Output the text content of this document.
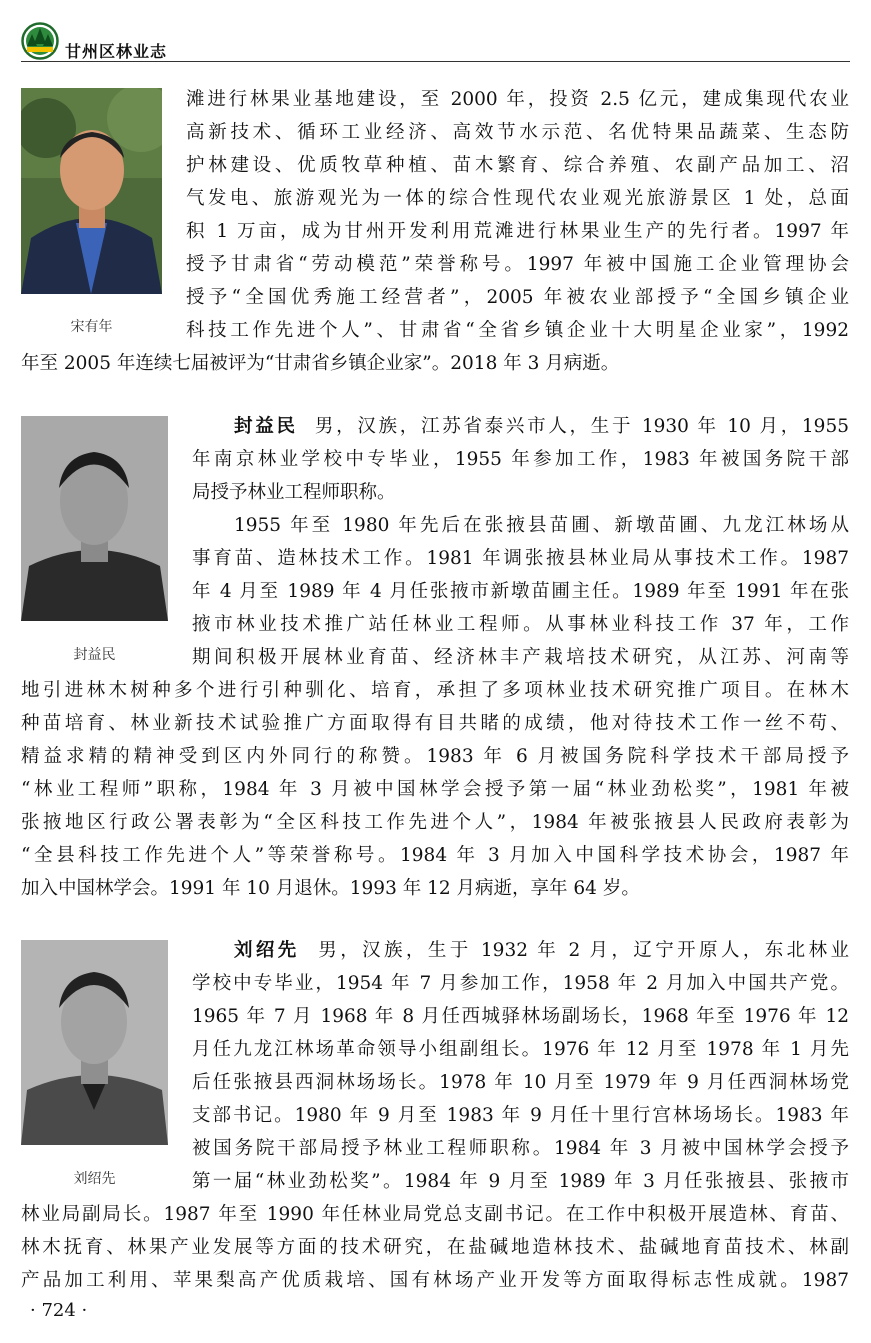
甘州区林业志
宋有年
滩进行林果业基地建设，至 2000 年，投资 2.5 亿元，建成集现代农业
高新技术、循环工业经济、高效节水示范、名优特果品蔬菜、生态防
护林建设、优质牧草种植、苗木繁育、综合养殖、农副产品加工、沼
气发电、旅游观光为一体的综合性现代农业观光旅游景区 1 处，总面
积 1 万亩，成为甘州开发利用荒滩进行林果业生产的先行者。1997 年
授予甘肃省“劳动模范”荣誉称号。1997 年被中国施工企业管理协会
授予“全国优秀施工经营者”，2005 年被农业部授予“全国乡镇企业
科技工作先进个人”、甘肃省“全省乡镇企业十大明星企业家”，1992
年至 2005 年连续七届被评为“甘肃省乡镇企业家”。2018 年 3 月病逝。
封益民
封益民 男，汉族，江苏省泰兴市人，生于 1930 年 10 月，1955
年南京林业学校中专毕业，1955 年参加工作，1983 年被国务院干部
局授予林业工程师职称。
1955 年至 1980 年先后在张掖县苗圃、新墩苗圃、九龙江林场从
事育苗、造林技术工作。1981 年调张掖县林业局从事技术工作。1987
年 4 月至 1989 年 4 月任张掖市新墩苗圃主任。1989 年至 1991 年在张
掖市林业技术推广站任林业工程师。从事林业科技工作 37 年，工作
期间积极开展林业育苗、经济林丰产栽培技术研究，从江苏、河南等
地引进林木树种多个进行引种驯化、培育，承担了多项林业技术研究推广项目。在林木
种苗培育、林业新技术试验推广方面取得有目共睹的成绩，他对待技术工作一丝不苟、
精益求精的精神受到区内外同行的称赞。1983 年 6 月被国务院科学技术干部局授予
“林业工程师”职称，1984 年 3 月被中国林学会授予第一届“林业劲松奖”，1981 年被
张掖地区行政公署表彰为“全区科技工作先进个人”，1984 年被张掖县人民政府表彰为
“全县科技工作先进个人”等荣誉称号。1984 年 3 月加入中国科学技术协会，1987 年
加入中国林学会。1991 年 10 月退休。1993 年 12 月病逝，享年 64 岁。
刘绍先
刘绍先 男，汉族，生于 1932 年 2 月，辽宁开原人，东北林业
学校中专毕业，1954 年 7 月参加工作，1958 年 2 月加入中国共产党。
1965 年 7 月 1968 年 8 月任西城驿林场副场长，1968 年至 1976 年 12
月任九龙江林场革命领导小组副组长。1976 年 12 月至 1978 年 1 月先
后任张掖县西洞林场场长。1978 年 10 月至 1979 年 9 月任西洞林场党
支部书记。1980 年 9 月至 1983 年 9 月任十里行宫林场场长。1983 年
被国务院干部局授予林业工程师职称。1984 年 3 月被中国林学会授予
第一届“林业劲松奖”。1984 年 9 月至 1989 年 3 月任张掖县、张掖市
林业局副局长。1987 年至 1990 年任林业局党总支副书记。在工作中积极开展造林、育苗、
林木抚育、林果产业发展等方面的技术研究，在盐碱地造林技术、盐碱地育苗技术、林副
产品加工利用、苹果梨高产优质栽培、国有林场产业开发等方面取得标志性成就。1987
· 724 ·
